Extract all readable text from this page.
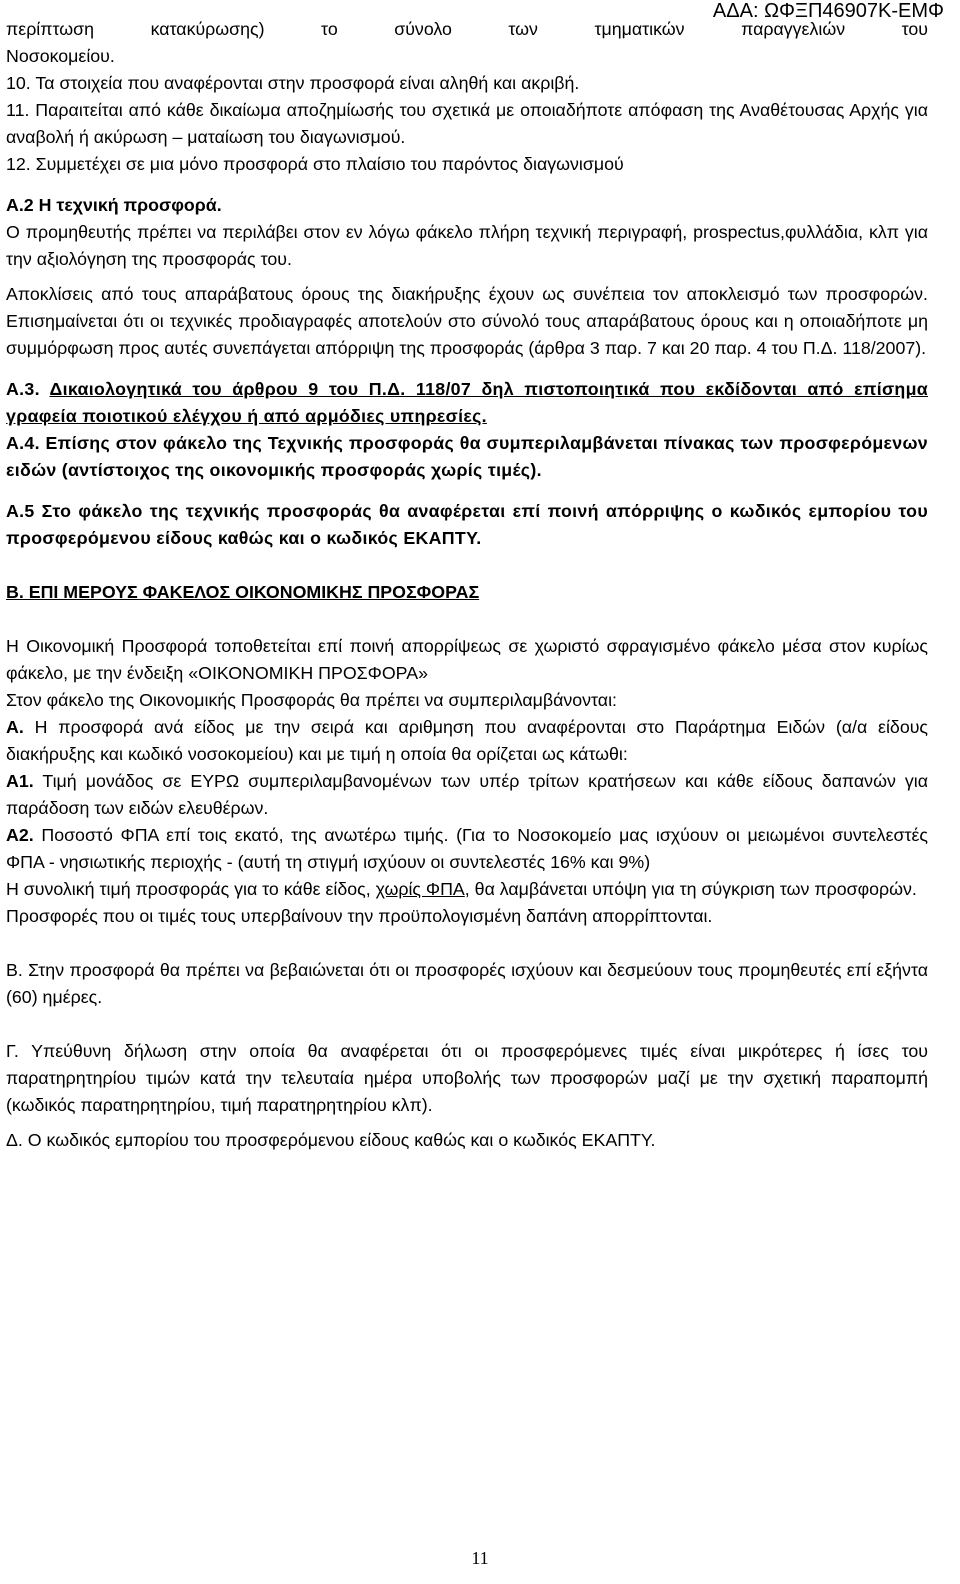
ΑΔΑ: ΩΦΞΠ46907Κ-ΕΜΦ

περίπτωση κατακύρωσης) το σύνολο των τμηματικών παραγγελιών του

Νοσοκομείου.

10. Τα στοιχεία που αναφέρονται στην προσφορά είναι αληθή και ακριβή.

11. Παραιτείται από κάθε δικαίωμα αποζημίωσής του σχετικά με οποιαδήποτε απόφαση της Αναθέτουσας Αρχής για αναβολή ή ακύρωση – ματαίωση του διαγωνισμού.

12. Συμμετέχει σε μια μόνο προσφορά στο πλαίσιο του παρόντος διαγωνισμού

Α.2 Η τεχνική προσφορά.

Ο προμηθευτής πρέπει να περιλάβει στον εν λόγω φάκελο πλήρη τεχνική περιγραφή, prospectus,φυλλάδια, κλπ για την αξιολόγηση της προσφοράς του.

Αποκλίσεις από τους απαράβατους όρους της διακήρυξης έχουν ως συνέπεια τον αποκλεισμό των προσφορών. Επισημαίνεται ότι οι τεχνικές προδιαγραφές αποτελούν στο σύνολό τους απαράβατους όρους και η οποιαδήποτε μη συμμόρφωση προς αυτές συνεπάγεται απόρριψη της προσφοράς (άρθρα 3 παρ. 7 και 20 παρ. 4 του Π.Δ. 118/2007).

Α.3. Δικαιολογητικά του άρθρου 9 του Π.Δ. 118/07 δηλ πιστοποιητικά που εκδίδονται από επίσημα γραφεία ποιοτικού ελέγχου ή από αρμόδιες υπηρεσίες.

Α.4. Επίσης στον φάκελο της Τεχνικής προσφοράς θα συμπεριλαμβάνεται πίνακας των προσφερόμενων ειδών (αντίστοιχος της οικονομικής προσφοράς χωρίς τιμές).

Α.5 Στο φάκελο της τεχνικής προσφοράς θα αναφέρεται επί ποινή απόρριψης ο κωδικός εμπορίου του προσφερόμενου είδους καθώς και ο κωδικός ΕΚΑΠΤΥ.

Β. ΕΠΙ ΜΕΡΟΥΣ ΦΑΚΕΛΟΣ ΟΙΚΟΝΟΜΙΚΗΣ ΠΡΟΣΦΟΡΑΣ

Η Οικονομική Προσφορά τοποθετείται επί ποινή απορρίψεως σε χωριστό σφραγισμένο φάκελο μέσα στον κυρίως φάκελο, με την ένδειξη «ΟΙΚΟΝΟΜΙΚΗ ΠΡΟΣΦΟΡΑ»

Στον φάκελο της Οικονομικής Προσφοράς θα πρέπει να συμπεριλαμβάνονται:

Α. Η προσφορά ανά είδος με την σειρά και αριθμηση που αναφέρονται στο Παράρτημα Ειδών (α/α είδους διακήρυξης και κωδικό νοσοκομείου) και με τιμή η οποία θα ορίζεται ως κάτωθι:

Α1. Τιμή μονάδος σε ΕΥΡΩ συμπεριλαμβανομένων των υπέρ τρίτων κρατήσεων και κάθε είδους δαπανών για παράδοση των ειδών ελευθέρων.

Α2. Ποσοστό ΦΠΑ επί τοις εκατό, της ανωτέρω τιμής. (Για το Νοσοκομείο μας ισχύουν οι μειωμένοι συντελεστές ΦΠΑ - νησιωτικής περιοχής - (αυτή τη στιγμή ισχύουν οι συντελεστές 16% και 9%)

Η συνολική τιμή προσφοράς για το κάθε είδος, χωρίς ΦΠΑ, θα λαμβάνεται υπόψη για τη σύγκριση των προσφορών.

Προσφορές που οι τιμές τους υπερβαίνουν την προϋπολογισμένη δαπάνη απορρίπτονται.

Β. Στην προσφορά θα πρέπει να βεβαιώνεται ότι οι προσφορές ισχύουν και δεσμεύουν τους προμηθευτές επί εξήντα (60) ημέρες.

Γ. Υπεύθυνη δήλωση στην οποία θα αναφέρεται ότι οι προσφερόμενες τιμές είναι μικρότερες ή ίσες του παρατηρητηρίου τιμών κατά την τελευταία ημέρα υποβολής των προσφορών μαζί με την σχετική παραπομπή (κωδικός παρατηρητηρίου, τιμή παρατηρητηρίου κλπ).

Δ. Ο κωδικός εμπορίου του προσφερόμενου είδους καθώς και ο κωδικός ΕΚΑΠΤΥ.

11
